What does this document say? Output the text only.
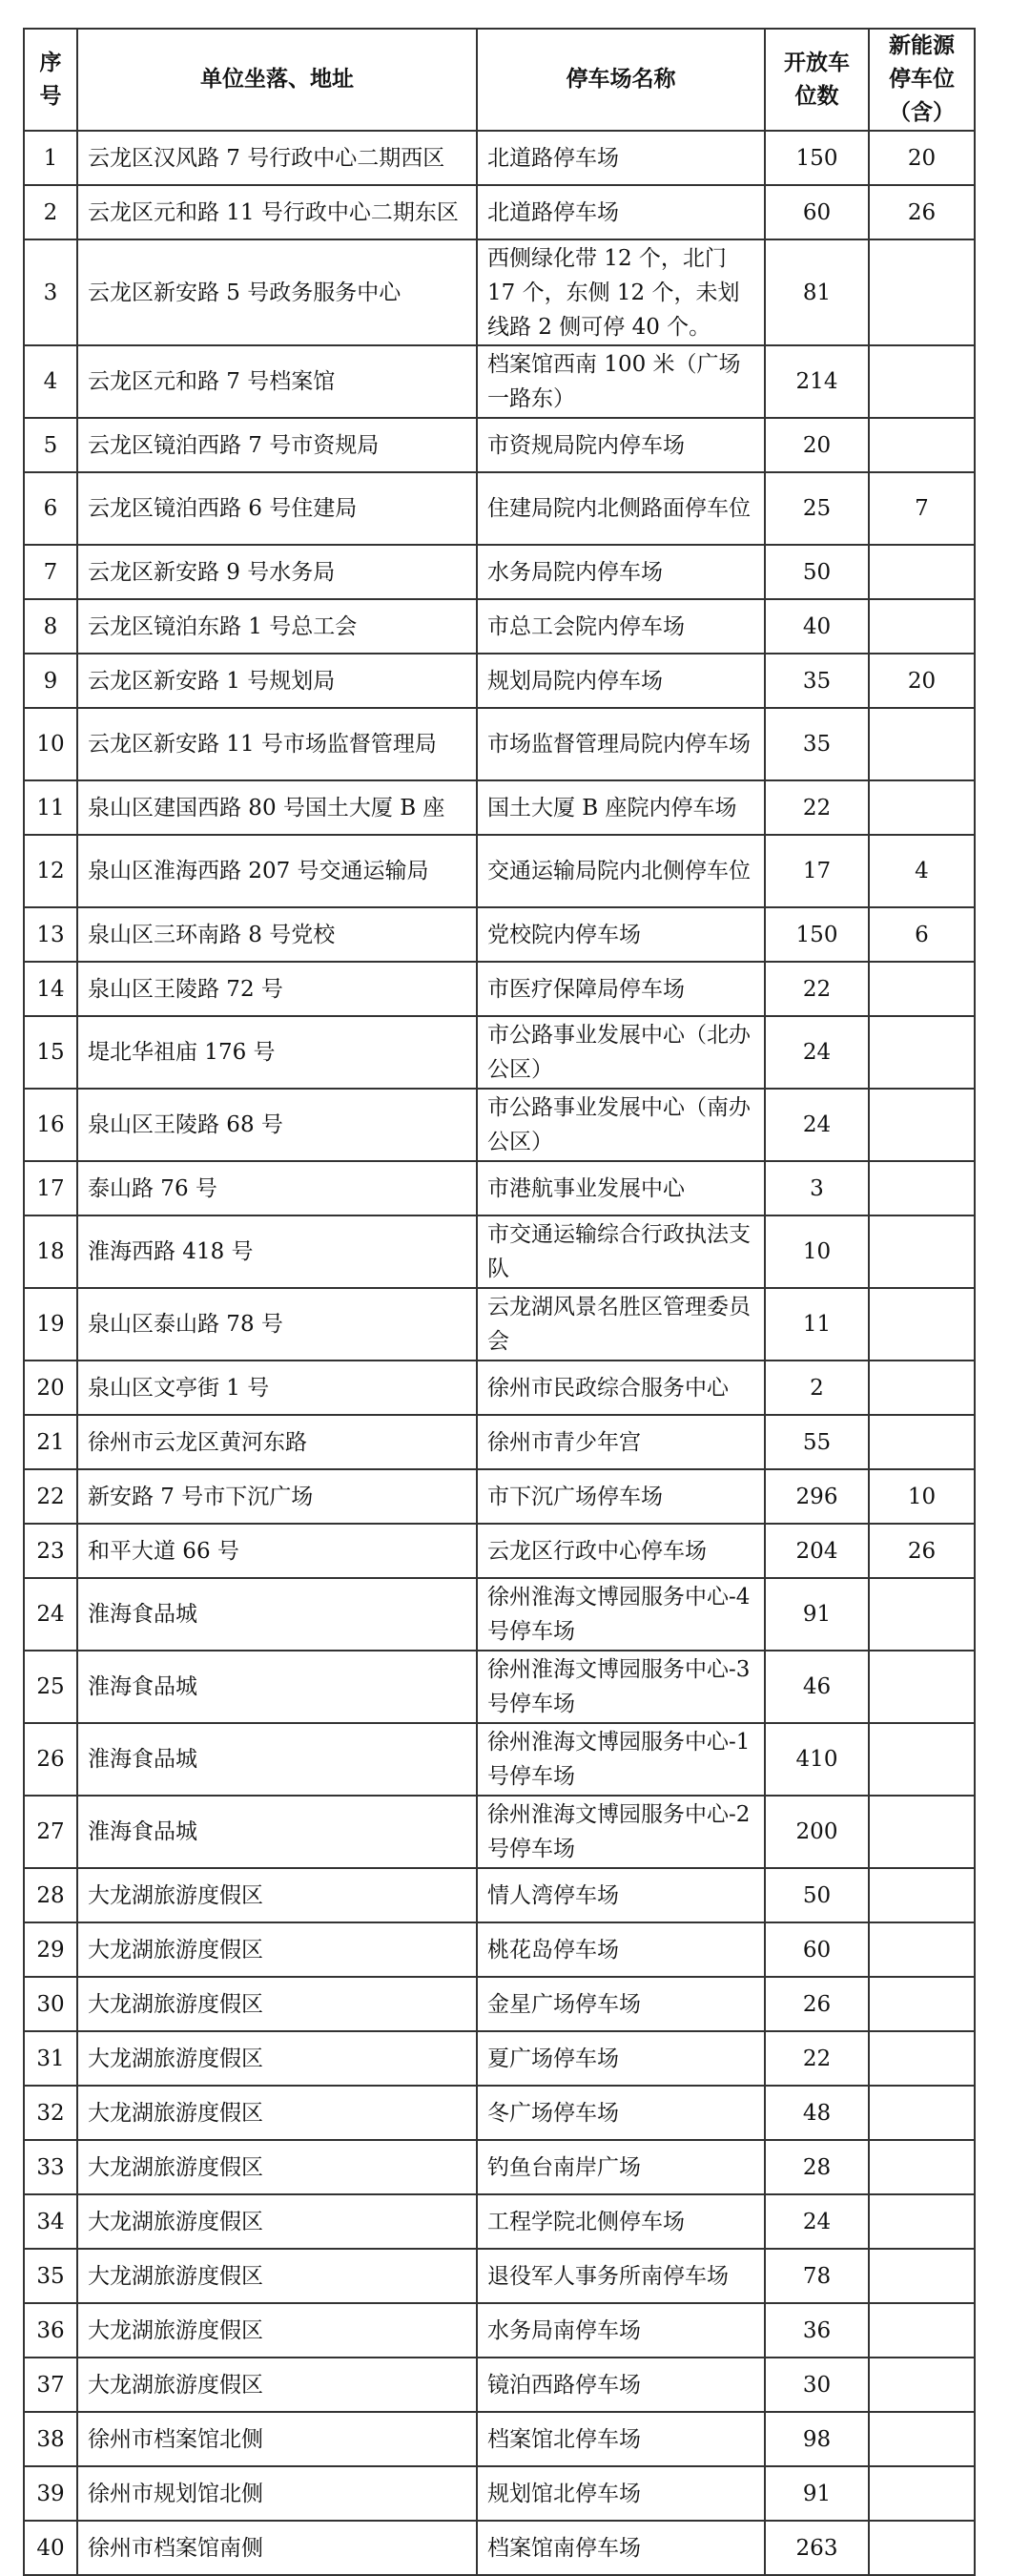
序号	单位坐落、地址	停车场名称	开放车位数	新能源停车位（含）
1	云龙区汉风路 7 号行政中心二期西区	北道路停车场	150	20
2	云龙区元和路 11 号行政中心二期东区	北道路停车场	60	26
3	云龙区新安路 5 号政务服务中心	西侧绿化带 12 个，北门 17 个，东侧 12 个，未划线路 2 侧可停 40 个。	81	
4	云龙区元和路 7 号档案馆	档案馆西南 100 米（广场一路东）	214	
5	云龙区镜泊西路 7 号市资规局	市资规局院内停车场	20	
6	云龙区镜泊西路 6 号住建局	住建局院内北侧路面停车位	25	7
7	云龙区新安路 9 号水务局	水务局院内停车场	50	
8	云龙区镜泊东路 1 号总工会	市总工会院内停车场	40	
9	云龙区新安路 1 号规划局	规划局院内停车场	35	20
10	云龙区新安路 11 号市场监督管理局	市场监督管理局院内停车场	35	
11	泉山区建国西路 80 号国土大厦 B 座	国土大厦 B 座院内停车场	22	
12	泉山区淮海西路 207 号交通运输局	交通运输局院内北侧停车位	17	4
13	泉山区三环南路 8 号党校	党校院内停车场	150	6
14	泉山区王陵路 72 号	市医疗保障局停车场	22	
15	堤北华祖庙 176 号	市公路事业发展中心（北办公区）	24	
16	泉山区王陵路 68 号	市公路事业发展中心（南办公区）	24	
17	泰山路 76 号	市港航事业发展中心	3	
18	淮海西路 418 号	市交通运输综合行政执法支队	10	
19	泉山区泰山路 78 号	云龙湖风景名胜区管理委员会	11	
20	泉山区文亭街 1 号	徐州市民政综合服务中心	2	
21	徐州市云龙区黄河东路	徐州市青少年宫	55	
22	新安路 7 号市下沉广场	市下沉广场停车场	296	10
23	和平大道 66 号	云龙区行政中心停车场	204	26
24	淮海食品城	徐州淮海文博园服务中心-4 号停车场	91	
25	淮海食品城	徐州淮海文博园服务中心-3 号停车场	46	
26	淮海食品城	徐州淮海文博园服务中心-1 号停车场	410	
27	淮海食品城	徐州淮海文博园服务中心-2 号停车场	200	
28	大龙湖旅游度假区	情人湾停车场	50	
29	大龙湖旅游度假区	桃花岛停车场	60	
30	大龙湖旅游度假区	金星广场停车场	26	
31	大龙湖旅游度假区	夏广场停车场	22	
32	大龙湖旅游度假区	冬广场停车场	48	
33	大龙湖旅游度假区	钓鱼台南岸广场	28	
34	大龙湖旅游度假区	工程学院北侧停车场	24	
35	大龙湖旅游度假区	退役军人事务所南停车场	78	
36	大龙湖旅游度假区	水务局南停车场	36	
37	大龙湖旅游度假区	镜泊西路停车场	30	
38	徐州市档案馆北侧	档案馆北停车场	98	
39	徐州市规划馆北侧	规划馆北停车场	91	
40	徐州市档案馆南侧	档案馆南停车场	263	
